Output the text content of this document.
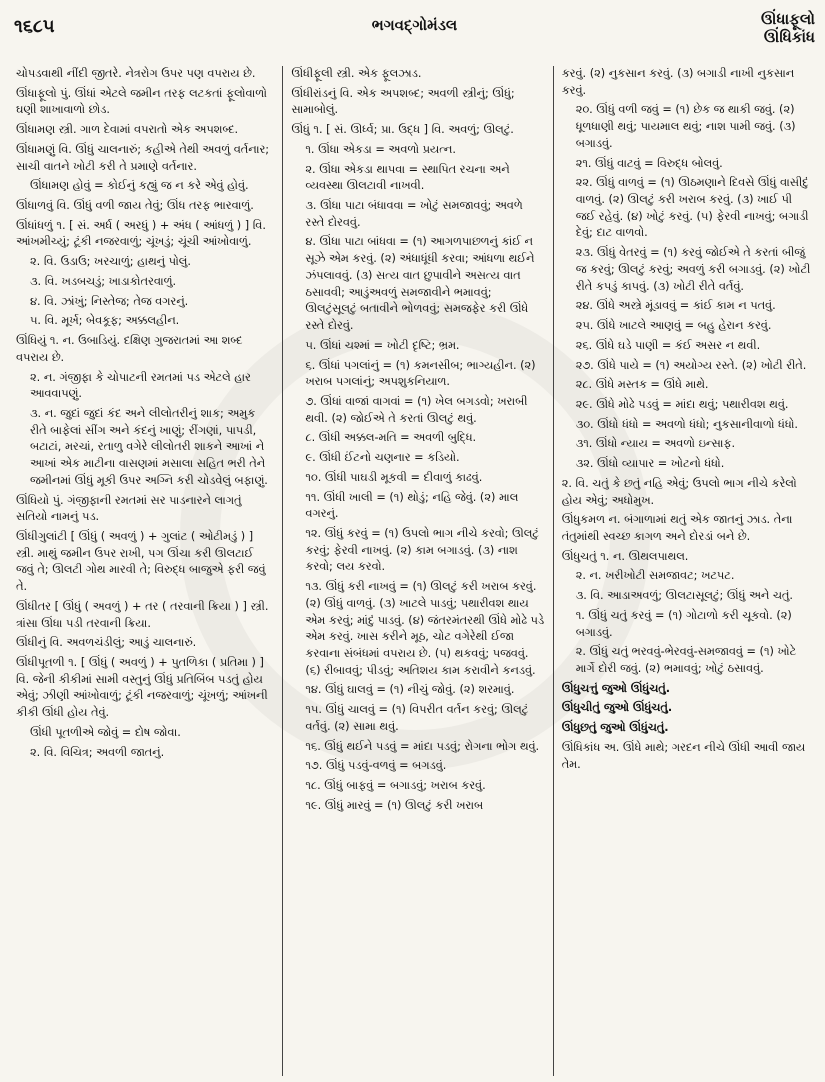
૧૬૮૫	ભગવદ્ગોમંડલ	ઊંધાફૂલો
ઊંધિકાંધ

ચોપડવાથી નીંદી જીતરે. નેત્રરોગ ઉપર પણ વપરાય છે.

ઊંધાફૂલો પું. ઊંધાં એટલે જમીન તરફ લટકતાં ફૂલોવાળો ઘણી શાખાવાળો છોડ.

ઊંધામણ સ્ત્રી. ગાળ દેવામાં વપરાતો એક અપશબ્દ.

ઊંધામણું વિ. ઊંધું ચાલનારું; કહીએ તેથી અવળું વર્તનાર; સાચી વાતને ખોટી કરી તે પ્રમાણે વર્તનાર.

ઊંધામણ હોવું = કોઈનું કહ્યું જ ન કરે એવું હોવું.

ઊંધાળવું વિ. ઊંધું વળી જાય તેવું; ઊંધ તરફ ભારવાળું.

ઊંધાંધળું ૧. [ સં. અર્ધ ( અરધું ) + અંધ ( આંધળું ) ] વિ. આંખમીચ્યું; ટૂંકી નજરવાળું; ચૂંખડું; ચૂંચી આંખોવાળું.

૨. વિ. ઉડાઉ; ખરચાળું; હાથનું પોલું.

૩. વિ. ખડબચડું; ખાડાકોતરવાળું.

૪. વિ. ઝાંખું; નિસ્તેજ; તેજ વગરનું.

૫. વિ. મૂર્ખ; બેવકૂફ; અક્કલહીન.

ઊંધિયું ૧. ન. ઉબાડિયું. દક્ષિણ ગુજરાતમાં આ શબ્દ વપરાય છે.

૨. ન. ગંજીફા કે ચોપાટની રમતમાં પડ એટલે હાર આવવાપણું.

૩. ન. જુદાં જુદાં કંદ અને લીલોતરીનું શાક; અમુક રીતે બાફેલાં સીંગ અને કંદનું ખાણું; રીંગણાં, પાપડી, બટાટાં, મરચાં, રતાળુ વગેરે લીલોતરી શાકને આખાં ને આખાં એક માટીના વાસણમાં મસાલા સહિત ભરી તેને જમીનમાં ઊંધું મૂકી ઉપર અગ્નિ કરી ચોડવેલું બફાણું.

ઊંધિયો પું. ગંજીફાની રમતમાં સર પાડનારને લાગતું સતિયો નામનું પડ.

ઊંધીગુલાંટી [ ઊંધું ( અવળું ) + ગુલાંટ ( ઓટીમડું ) ] સ્ત્રી. માથું જમીન ઉપર રાખી, પગ ઊંચા કરી ઊલટાઈ જવું તે; ઊલટી ગોથ મારવી તે; વિરુદ્ધ બાજુએ ફરી જવું તે.

ઊંધીતર [ ઊંધું ( અવળું ) + તર ( તરવાની ક્રિયા ) ] સ્ત્રી. ત્રાંસા ઊંધા પડી તરવાની ક્રિયા.

ઊંધીનું વિ. અવળચંડીલું; આડું ચાલનારું.

ઊંધીપૂતળી ૧. [ ઊંધું ( અવળું ) + પુતળિકા ( પ્રતિમા ) ] વિ. જેની કીકીમાં સામી વસ્તુનું ઊંધું પ્રતિબિંબ પડતું હોય એવું; ઝીણી આંખોવાળું; ટૂંકી નજરવાળું; ચૂંખળું; આંખની કીકી ઊંધી હોય તેવું.

ઊંધી પૂતળીએ જોવું = દોષ જોવા.

૨. વિ. વિચિત્ર; અવળી જાતનું.

ઊંધીફૂલી સ્ત્રી. એક ફૂલઝાડ.

ઊંધીરાંડનું વિ. એક અપશબ્દ; અવળી સ્ત્રીનું; ઊંધું; સામાબોલું.

ઊંધું ૧. [ સં. ઊર્ધ્વ; પ્રા. ઉદ્ધ ] વિ. અવળું; ઊલટું.

૧. ઊંધા એકડા = અવળો પ્રયત્ન.

૨. ઊંધા એકડા થાપવા = સ્થાપિત રચના અને વ્યવસ્થા ઊલટાવી નાખવી.

૩. ઊંધા પાટા બંધાવવા = ખોટું સમજાવવું; અવળે રસ્તે દોરવવું.

૪. ઊંધા પાટા બાંધવા = (૧) આગળપાછળનું કાંઈ ન સૂઝે એમ કરવું. (૨) અંધાધૂંધી કરવા; આંધળા થઈને ઝંપલાવવું. (૩) સત્ય વાત છુપાવીને અસત્ય વાત ઠસાવવી; આડુંઅવળું સમજાવીને ભમાવવું; ઊલટુંસૂલટું બતાવીને ભોળવવું; સમજફેર કરી ઊંધે રસ્તે દોરવું.

૫. ઊંધાં ચશ્માં = ખોટી દૃષ્ટિ; ભ્રમ.

૬. ઊંધાં પગલાંનું = (૧) કમનસીબ; ભાગ્યહીન. (૨) ખરાબ પગલાંનું; અપશુકનિયાળ.

૭. ઊંધાં વાજાં વાગવાં = (૧) ખેલ બગડવો; ખરાબી થવી. (૨) જોઈએ તે કરતાં ઊલટું થવું.

૮. ઊંધી અક્કલ-મતિ = અવળી બુદ્ધિ.

૯. ઊંધી ઈંટનો ચણનાર = કડિયો.

૧૦. ઊંધી પાઘડી મૂકવી = દીવાળું કાઢવું.

૧૧. ઊંધી ખાલી = (૧) થોડું; નહિ જેવું. (૨) માલ વગરનું.

૧૨. ઊંધું કરવું = (૧) ઉપલો ભાગ નીચે કરવો; ઊલટું કરવું; ફેરવી નાખવું. (૨) કામ બગાડવું. (૩) નાશ કરવો; લય કરવો.

૧૩. ઊંધું કરી નાખવું = (૧) ઊલટું કરી ખરાબ કરવું. (૨) ઊંધું વાળવું. (૩) ખાટલે પાડવું; પથારીવશ થાય એમ કરવું; માંદું પાડવું. (૪) જંતરમંતરથી ઊંધે મોઢે પડે એમ કરવું. ખાસ કરીને મૂઠ, ચોટ વગેરેથી ઈજા કરવાના સંબંધમાં વપરાય છે. (૫) થકવવું; પજવવું. (૬) રીબાવવું; પીડવું; અતિશય કામ કરાવીને કનડવું.

૧૪. ઊંધું ઘાલવું = (૧) નીચું જોવું. (૨) શરમાવું.

૧૫. ઊંધું ચાલવું = (૧) વિપરીત વર્તન કરવું; ઊલટું વર્તવું. (૨) સામા થવું.

૧૬. ઊંધું થઈને પડવું = માંદા પડવું; રોગના ભોગ થવું.

૧૭. ઊંધું પડવું-વળવું = બગડવું.

૧૮. ઊંધું બાફવું = બગાડવું; ખરાબ કરવું.

૧૯. ઊંધું મારવું = (૧) ઊલટું કરી ખરાબ

કરવું. (૨) નુકસાન કરવું. (૩) બગાડી નાખી નુકસાન કરવું.

૨૦. ઊંધું વળી જવું = (૧) છેક જ થાકી જવું. (૨) ધૂળધાણી થવું; પાયમાલ થવું; નાશ પામી જવું. (૩) બગાડવું.

૨૧. ઊંધું વાટવું = વિરુદ્ધ બોલવું.

૨૨. ઊંધું વાળવું = (૧) ઊઠમણાને દિવસે ઊંધું વાસીદું વાળવું. (૨) ઊલટું કરી ખરાબ કરવું. (૩) ખાઈ પી જઈ રહેવું. (૪) ખોટું કરવું. (૫) ફેરવી નાખવું; બગાડી દેવું; દાટ વાળવો.

૨૩. ઊંધું વેતરવું = (૧) કરવું જોઈએ તે કરતાં બીજું જ કરવું; ઊલટું કરવું; અવળું કરી બગાડવું. (૨) ખોટી રીતે કપડું કાપવું. (૩) ખોટી રીતે વર્તવું.

૨૪. ઊંધે અસ્ત્રે મૂંડાવવું = કાંઈ કામ ન પતવું.

૨૫. ઊંધે ખાટલે આણવું = બહુ હેરાન કરવું.

૨૬. ઊંધે ઘડે પાણી = કંઈ અસર ન થવી.

૨૭. ઊંધે પાયે = (૧) અયોગ્ય રસ્તે. (૨) ખોટી રીતે.

૨૮. ઊંધે મસ્તક = ઊંધે માથે.

૨૯. ઊંધે મોઢે પડવું = માંદા થવું; પથારીવશ થવું.

૩૦. ઊંધો ધંધો = અવળો ધંધો; નુકસાનીવાળો ધંધો.

૩૧. ઊંધો ન્યાય = અવળો ઇન્સાફ.

૩૨. ઊંધો વ્યાપાર = ખોટનો ધંધો.

૨. વિ. ચતું કે છતું નહિ એવું; ઉપલો ભાગ નીચે કરેલો હોય એવું; અધોમુખ.

ઊંધુકમળ ન. બંગાળામાં થતું એક જાતનું ઝાડ. તેના તંતુમાંથી સ્વચ્છ કાગળ અને દોરડાં બને છે.

ઊંધુચતું ૧. ન. ઊથલપાથલ.

૨. ન. ખરીખોટી સમજાવટ; ખટપટ.

૩. વિ. આડાઅવળું; ઊલટાસૂલટું; ઊંધું અને ચતું.

૧. ઊંધું ચતું કરવું = (૧) ગોટાળો કરી ચૂકવો. (૨) બગાડવું.

૨. ઊંધું ચતું ભરવવું-ભેરવવું-સમજાવવું = (૧) ખોટે માર્ગે દોરી જવું. (૨) ભમાવવું; ખોટું ઠસાવવું.

ઊંધુચત્તું જુઓ ઊંધુંચતું.

ઊંધુચીતું જુઓ ઊંધુંચતું.

ઊંધુછતું જુઓ ઊંધુંચતું.

ઊંધિકાંધ અ. ઊંધે માથે; ગરદન નીચે ઊંધી આવી જાય તેમ.
